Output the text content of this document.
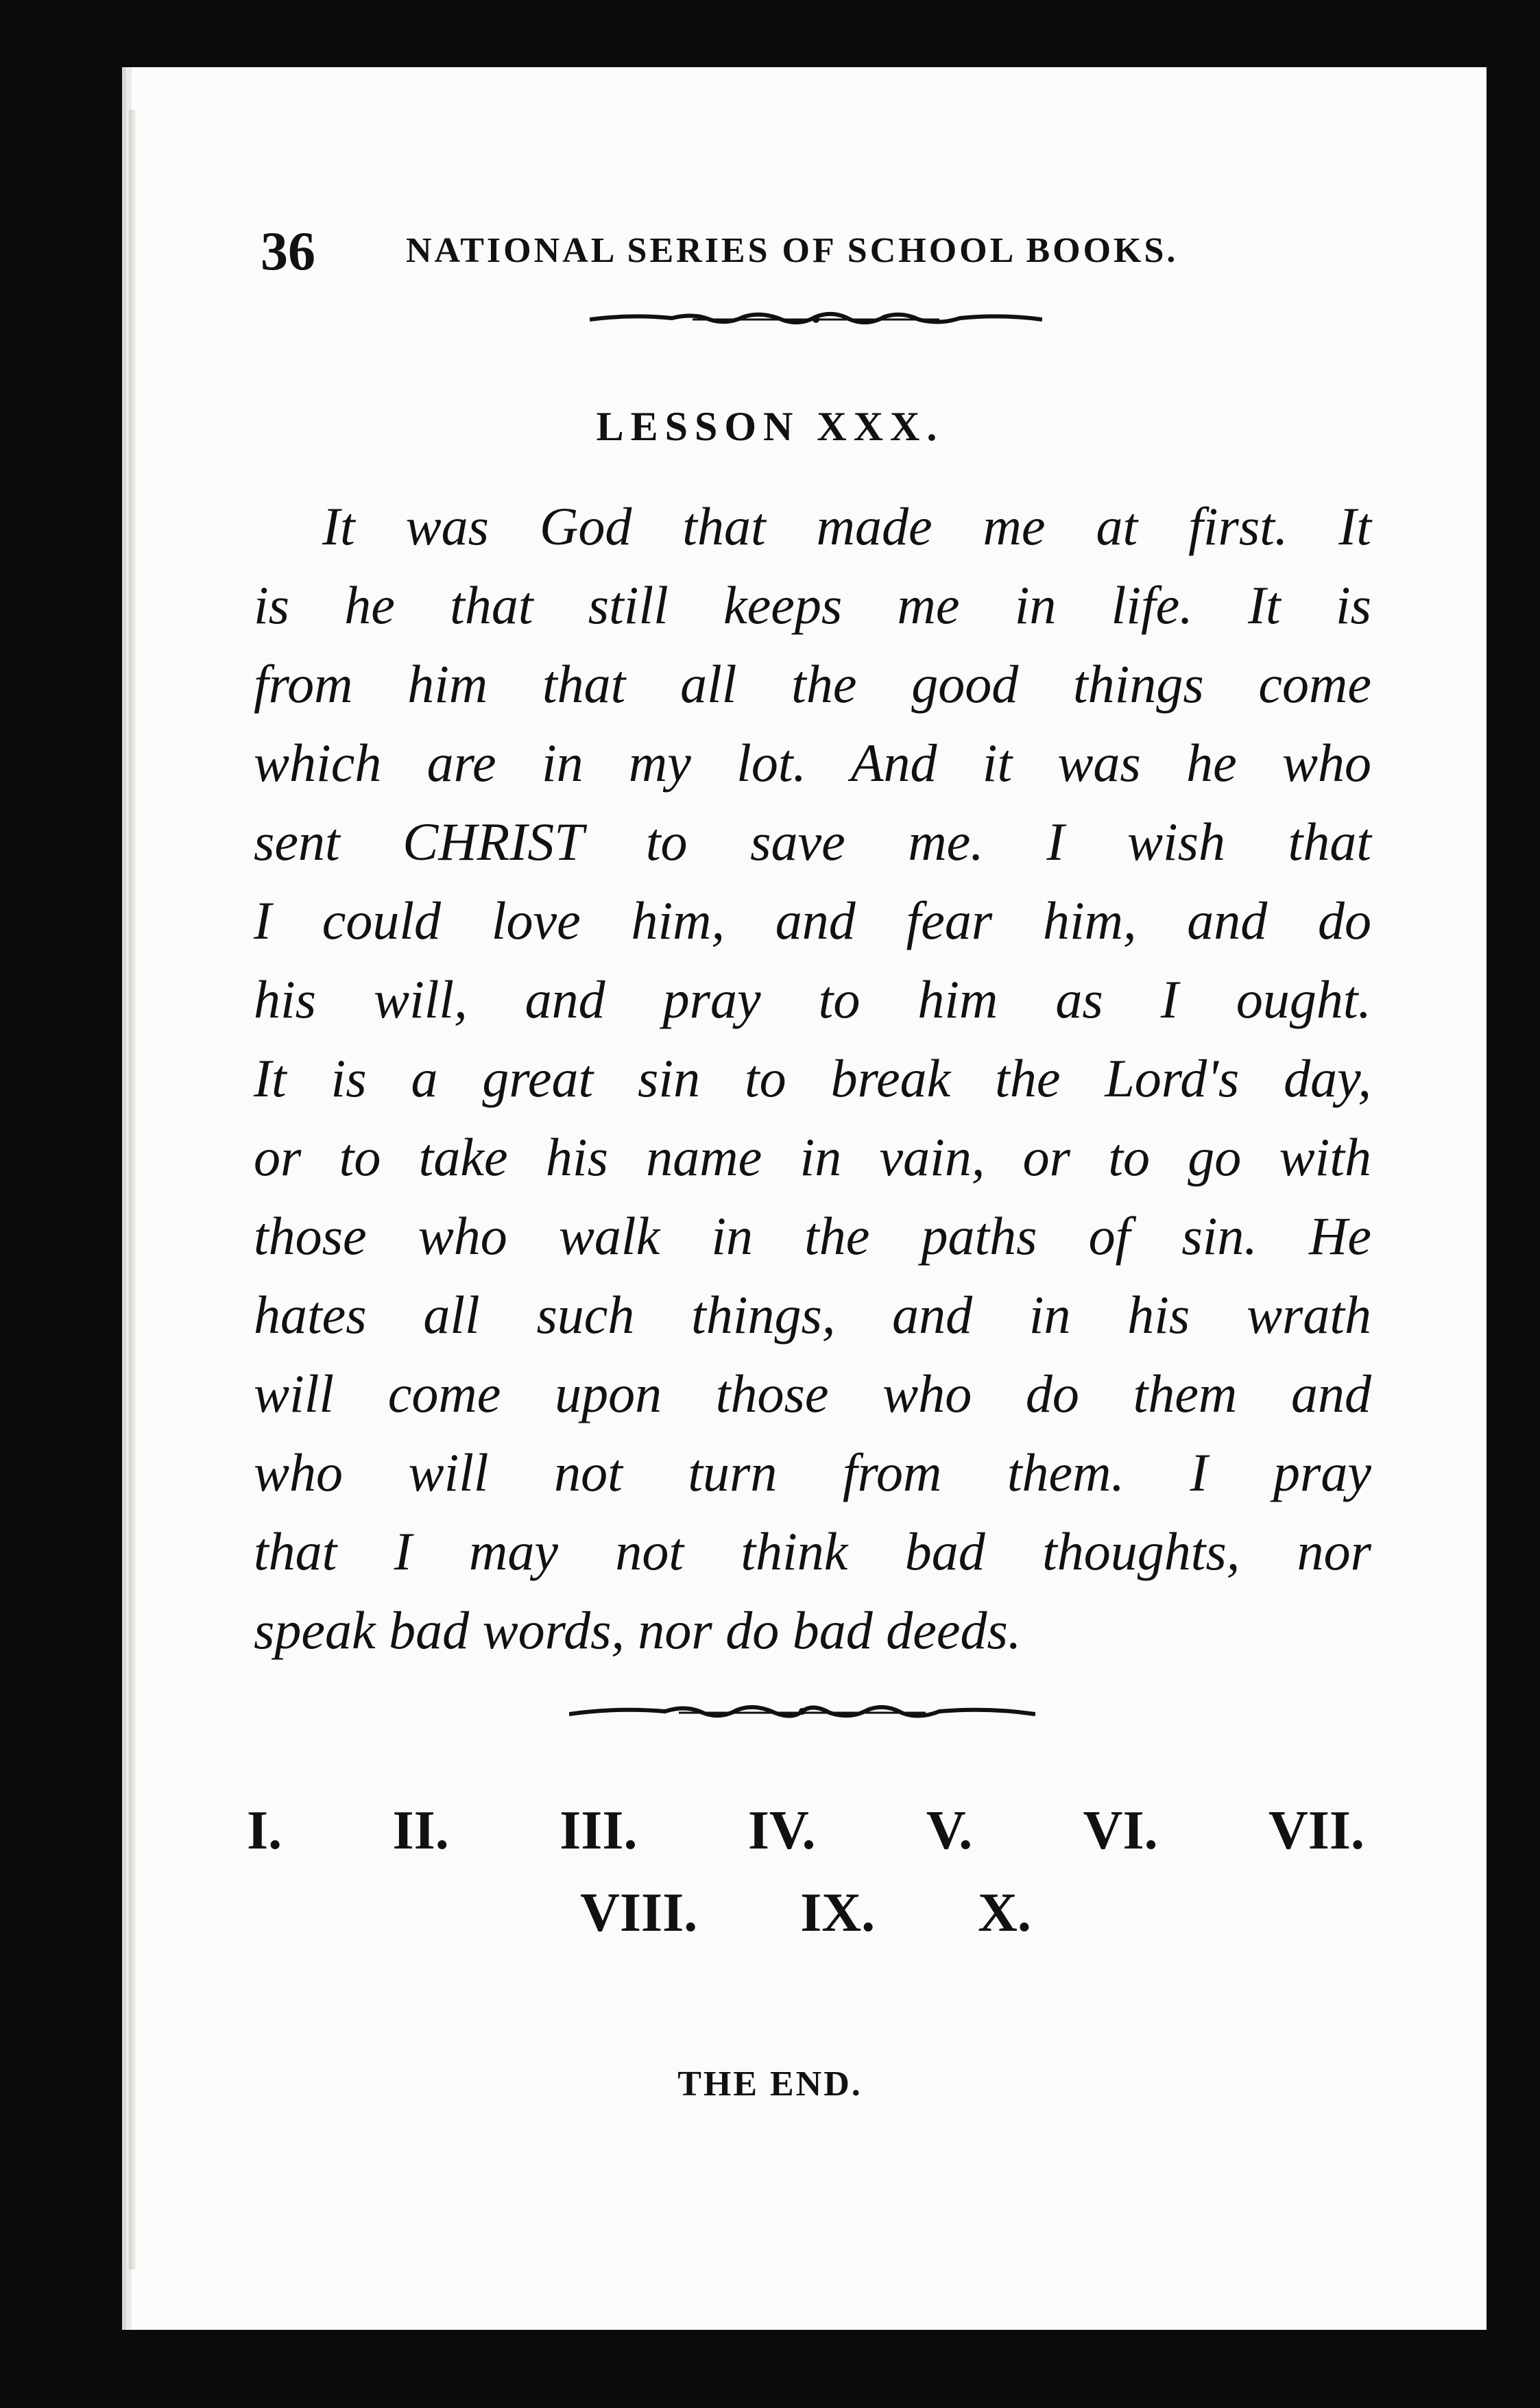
36	NATIONAL SERIES OF SCHOOL BOOKS.
LESSON XXX.
It was God that made me at first. It
is he that still keeps me in life. It is
from him that all the good things come
which are in my lot. And it was he who
sent CHRIST to save me. I wish that
I could love him, and fear him, and do
his will, and pray to him as I ought.
It is a great sin to break the Lord's day,
or to take his name in vain, or to go with
those who walk in the paths of sin. He
hates all such things, and in his wrath
will come upon those who do them and
who will not turn from them. I pray
that I may not think bad thoughts, nor
speak bad words, nor do bad deeds.
I. II. III. IV. V. VI. VII.
VIII. IX. X.
THE END.
